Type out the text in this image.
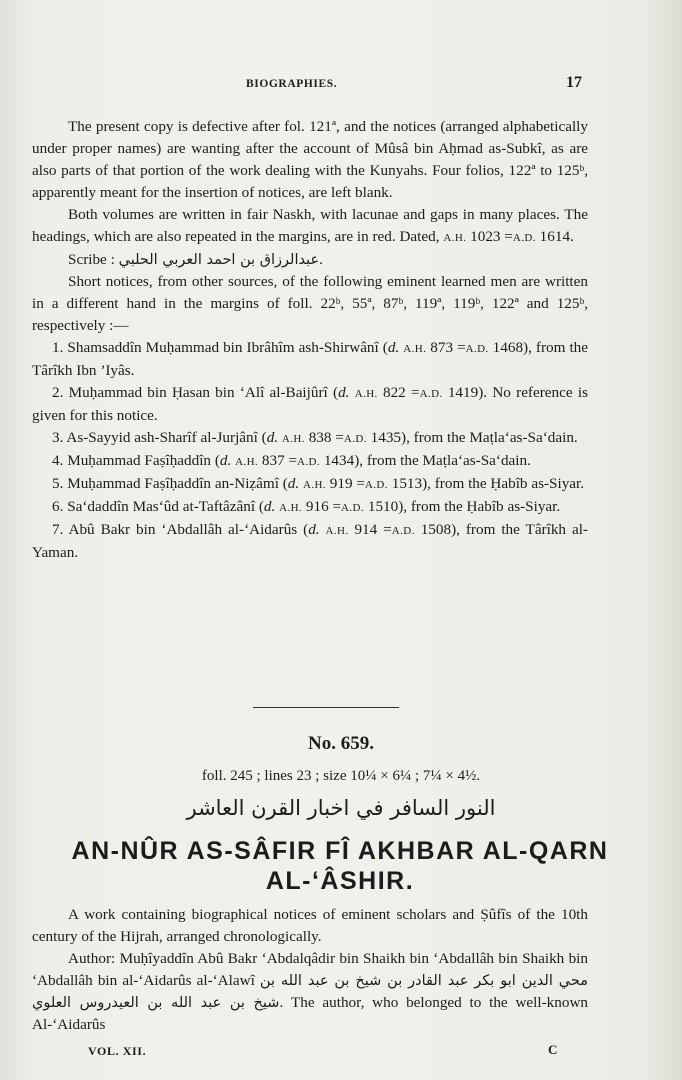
BIOGRAPHIES.	17

The present copy is defective after fol. 121ª, and the notices (arranged alphabetically under proper names) are wanting after the account of Mûsâ bin Aḥmad as-Subkî, as are also parts of that portion of the work dealing with the Kunyahs. Four folios, 122ª to 125ᵇ, apparently meant for the insertion of notices, are left blank.

Both volumes are written in fair Naskh, with lacunae and gaps in many places. The headings, which are also repeated in the margins, are in red. Dated, A.H. 1023 =A.D. 1614.

Scribe : عبدالرزاق بن احمد العربي الحلبي.

Short notices, from other sources, of the following eminent learned men are written in a different hand in the margins of foll. 22ᵇ, 55ª, 87ᵇ, 119ª, 119ᵇ, 122ª and 125ᵇ, respectively :—

1. Shamsaddîn Muḥammad bin Ibrâhîm ash-Shirwânî (d. A.H. 873 =A.D. 1468), from the Târîkh Ibn ’Iyâs.

2. Muḥammad bin Ḥasan bin ‘Alî al-Baijûrî (d. A.H. 822 =A.D. 1419). No reference is given for this notice.

3. As-Sayyid ash-Sharîf al-Jurjânî (d. A.H. 838 =A.D. 1435), from the Maṭla‘as-Sa‘dain.

4. Muḥammad Faṣîḥaddîn (d. A.H. 837 =A.D. 1434), from the Maṭla‘as-Sa‘dain.

5. Muḥammad Faṣîḥaddîn an-Niẓâmî (d. A.H. 919 =A.D. 1513), from the Ḥabîb as-Siyar.

6. Sa‘daddîn Mas‘ûd at-Taftâzânî (d. A.H. 916 =A.D. 1510), from the Ḥabîb as-Siyar.

7. Abû Bakr bin ‘Abdallâh al-‘Aidarûs (d. A.H. 914 =A.D. 1508), from the Târîkh al-Yaman.

No. 659.
foll. 245 ; lines 23 ; size 10¼ × 6¼ ; 7¼ × 4½.
النور السافر في اخبار القرن العاشر
AN-NÛR AS-SÂFIR FÎ AKHBAR AL-QARN AL-‘ÂSHIR.

A work containing biographical notices of eminent scholars and Ṣûfîs of the 10th century of the Hijrah, arranged chronologically.

Author: Muḥîyaddîn Abû Bakr ‘Abdalqâdir bin Shaikh bin ‘Abdallâh bin Shaikh bin ‘Abdallâh bin al-‘Aidarûs al-‘Alawî محي الدين ابو بكر عبد القادر بن شيخ بن عبد الله بن شيخ بن عبد الله بن العيدروس العلوي. The author, who belonged to the well-known Al-‘Aidarûs

VOL. XII.	C
